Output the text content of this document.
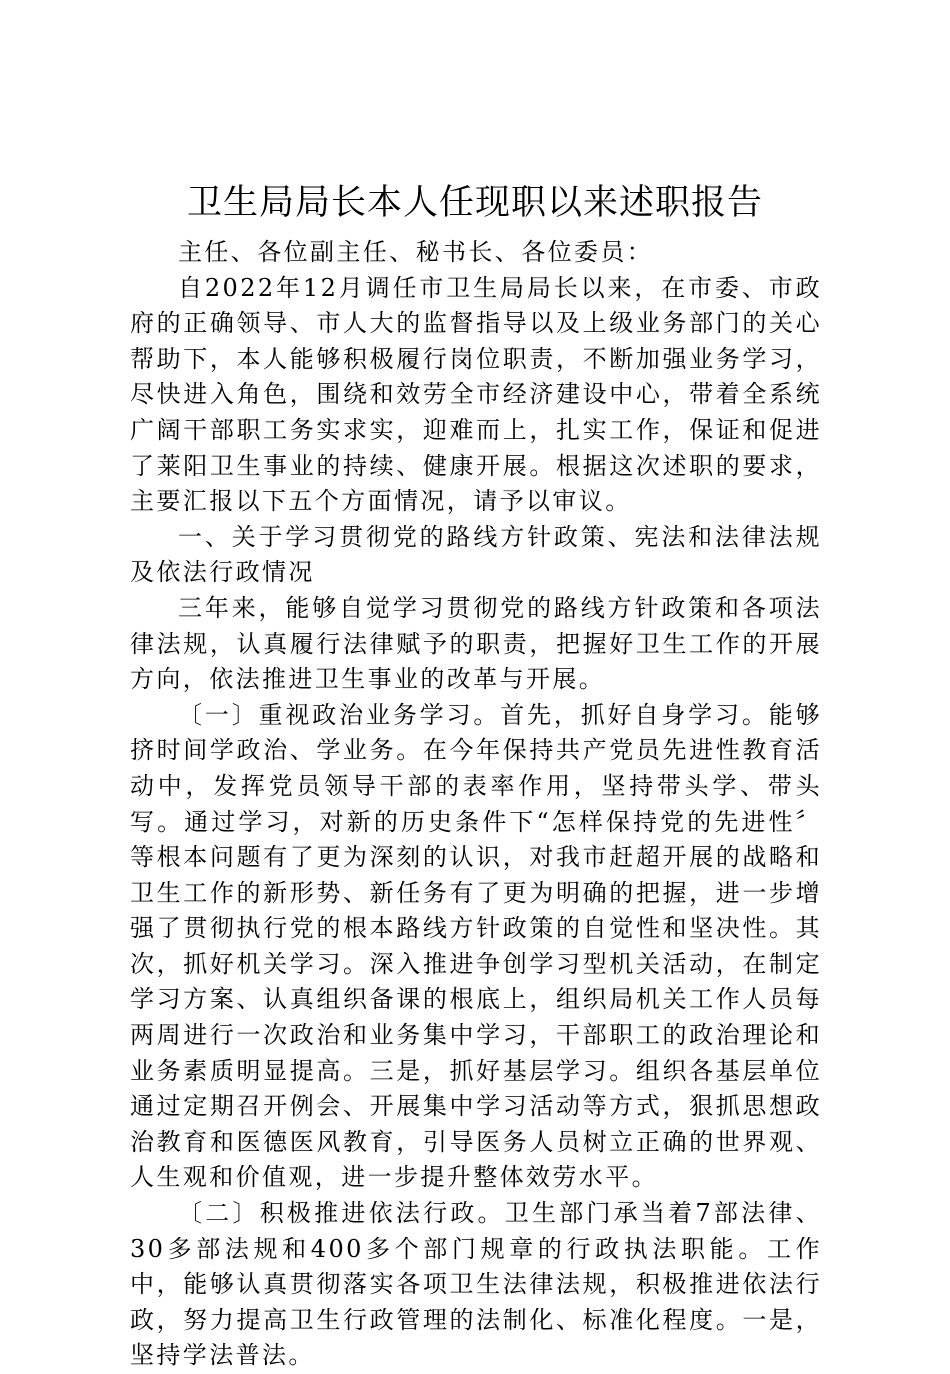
卫生局局长本人任现职以来述职报告

主任、各位副主任、秘书长、各位委员：

自2022年12月调任市卫生局局长以来，在市委、市政府的正确领导、市人大的监督指导以及上级业务部门的关心帮助下，本人能够积极履行岗位职责，不断加强业务学习，尽快进入角色，围绕和效劳全市经济建设中心，带着全系统广阔干部职工务实求实，迎难而上，扎实工作，保证和促进了莱阳卫生事业的持续、健康开展。根据这次述职的要求，主要汇报以下五个方面情况，请予以审议。

一、关于学习贯彻党的路线方针政策、宪法和法律法规及依法行政情况

三年来，能够自觉学习贯彻党的路线方针政策和各项法律法规，认真履行法律赋予的职责，把握好卫生工作的开展方向，依法推进卫生事业的改革与开展。

〔一〕重视政治业务学习。首先，抓好自身学习。能够挤时间学政治、学业务。在今年保持共产党员先进性教育活动中，发挥党员领导干部的表率作用，坚持带头学、带头写。通过学习，对新的历史条件下“怎样保持党的先进性〞等根本问题有了更为深刻的认识，对我市赶超开展的战略和卫生工作的新形势、新任务有了更为明确的把握，进一步增强了贯彻执行党的根本路线方针政策的自觉性和坚决性。其次，抓好机关学习。深入推进争创学习型机关活动，在制定学习方案、认真组织备课的根底上，组织局机关工作人员每两周进行一次政治和业务集中学习，干部职工的政治理论和业务素质明显提高。三是，抓好基层学习。组织各基层单位通过定期召开例会、开展集中学习活动等方式，狠抓思想政治教育和医德医风教育，引导医务人员树立正确的世界观、人生观和价值观，进一步提升整体效劳水平。

〔二〕积极推进依法行政。卫生部门承当着7部法律、30多部法规和400多个部门规章的行政执法职能。工作中，能够认真贯彻落实各项卫生法律法规，积极推进依法行政，努力提高卫生行政管理的法制化、标准化程度。一是，坚持学法普法。
